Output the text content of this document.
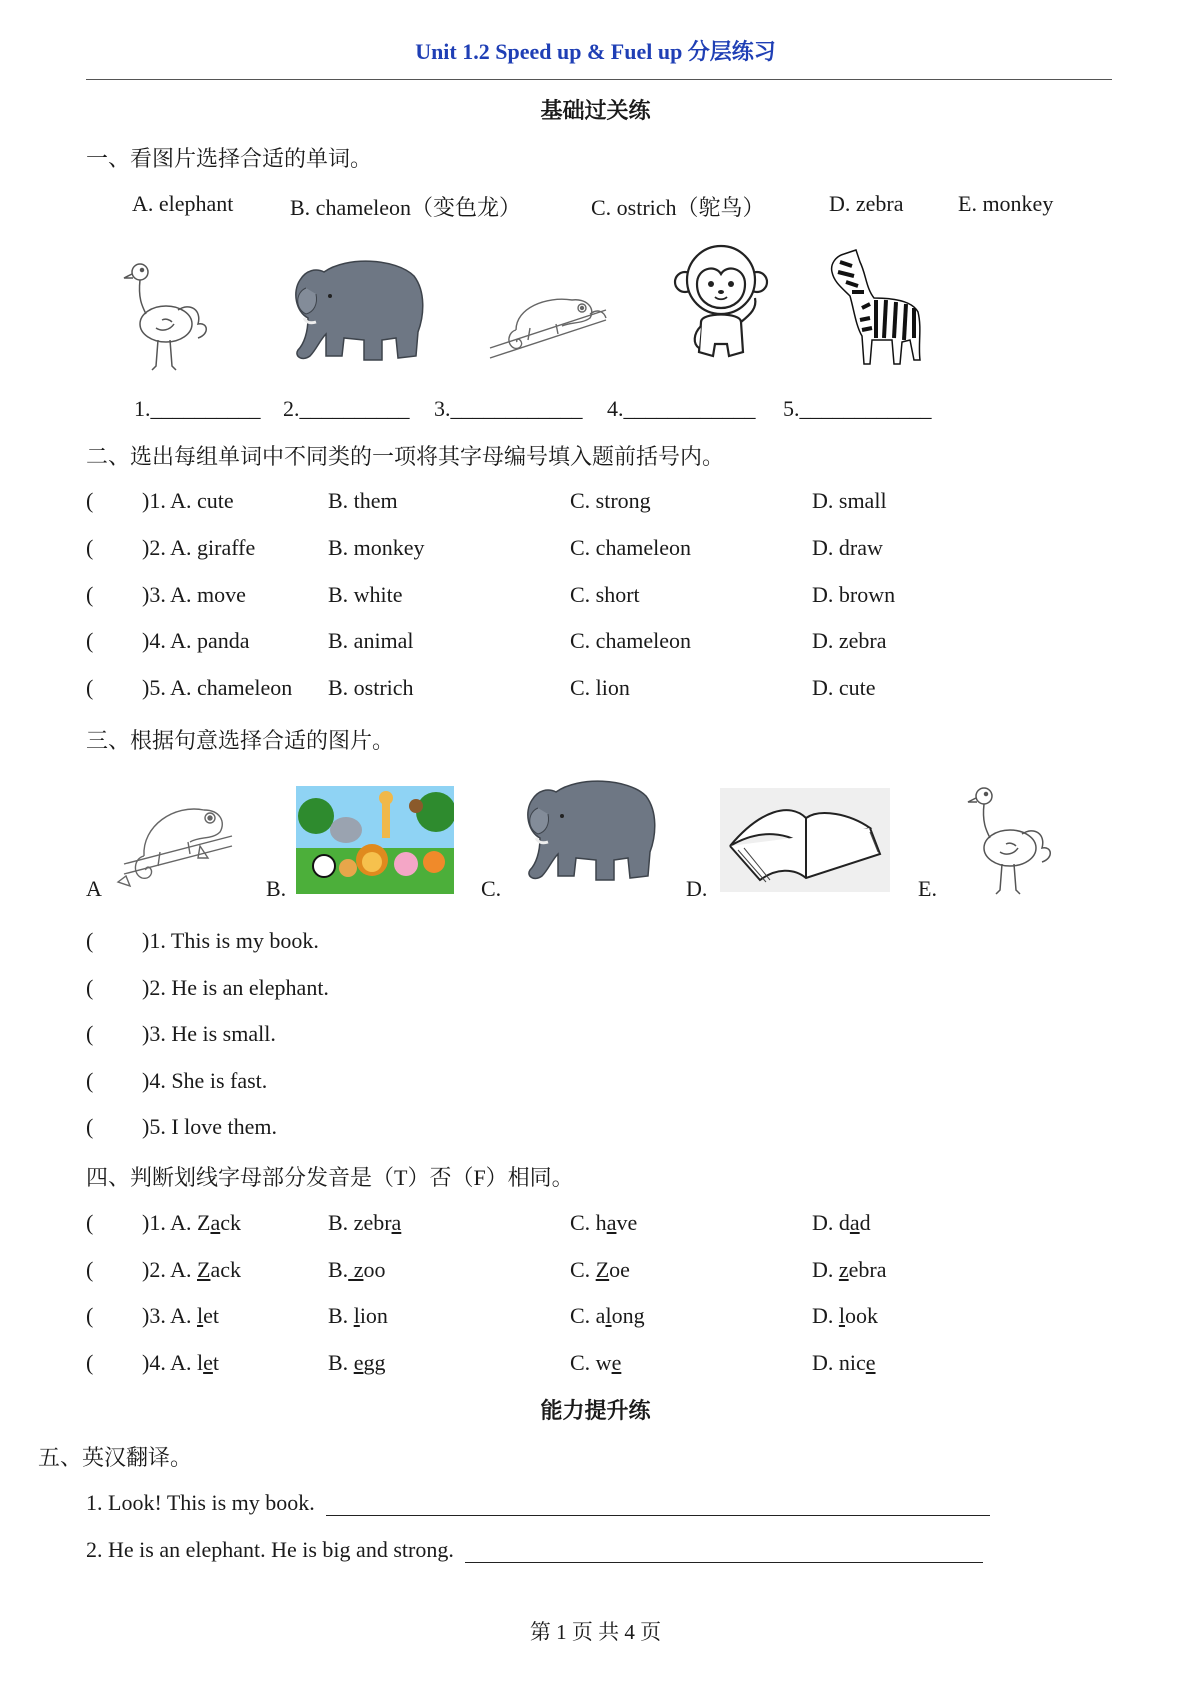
Unit 1.2 Speed up & Fuel up 分层练习
基础过关练
一、看图片选择合适的单词。
A. elephant	B. chameleon（变色龙）	C. ostrich（鸵鸟）	D. zebra E. monkey
1.__________ 2.__________ 3.____________ 4.____________ 5.____________
二、选出每组单词中不同类的一项将其字母编号填入题前括号内。
( )1. A. cute	B. them	C. strong	D. small
( )2. A. giraffe	B. monkey	C. chameleon	D. draw
( )3. A. move	B. white	C. short	D. brown
( )4. A. panda	B. animal	C. chameleon	D. zebra
( )5. A. chameleon B. ostrich	C. lion	D. cute
三、根据句意选择合适的图片。
A	B.	C.	D.	E.
( )1. This is my book.
( )2. He is an elephant.
( )3. He is small.
( )4. She is fast.
( )5. I love them.
四、判断划线字母部分发音是（T）否（F）相同。
( )1. A. Zack	B. zebra	C. have	D. dad
( )2. A. Zack	B. zoo	C. Zoe	D. zebra
( )3. A. let	B. lion	C. along	D. look
( )4. A. let	B. egg	C. we	D. nice
能力提升练
五、英汉翻译。
1. Look! This is my book.
2. He is an elephant. He is big and strong.
第 1 页 共 4 页
